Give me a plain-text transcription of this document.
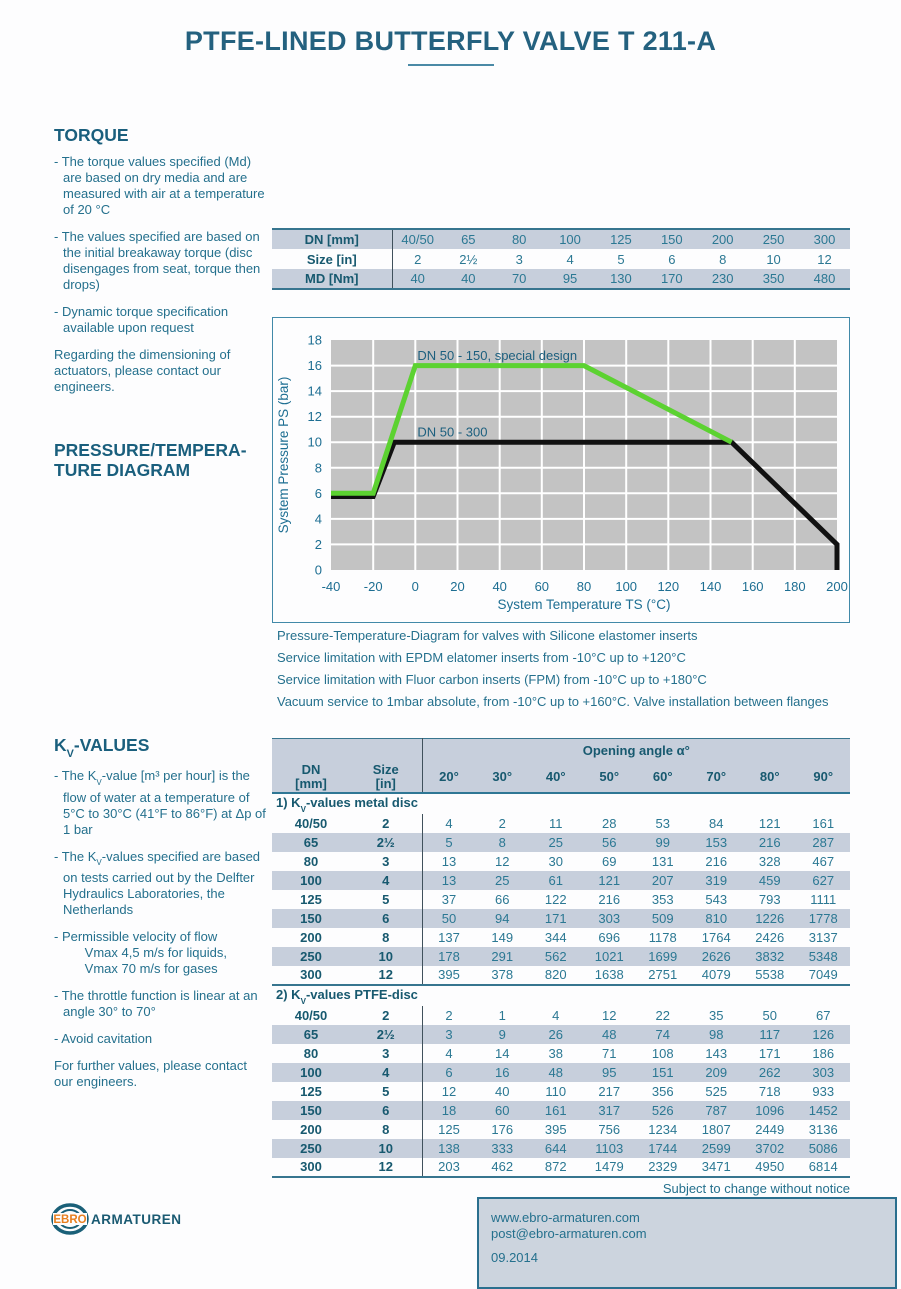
PTFE-LINED BUTTERFLY VALVE T 211-A
TORQUE
- The torque values specified (Md) are based on dry media and are measured with air at a temperature of 20 °C
- The values specified are based on the initial breakaway torque (disc disengages from seat, torque then drops)
- Dynamic torque specification available upon request

Regarding the dimensioning of actuators, please contact our engineers.

PRESSURE/TEMPERA-
TURE DIAGRAM
$K_V$-VALUES
- The $K_V$-value [m³ per hour] is the flow of water at a temperature of 5°C to 30°C (41°F to 86°F) at Δp of 1 bar
- The $K_V$-values specified are based on tests carried out by the Delfter Hydraulics Laboratories, the Netherlands
- Permissible velocity of flow
Vmax 4,5 m/s for liquids,
Vmax 70 m/s for gases
- The throttle function is linear at an angle 30° to 70°
- Avoid cavitation

For further values, please contact our engineers.

DN [mm]	40/50	65	80	100	125	150	200	250	300
Size [in]	2	2½	3	4	5	6	8	10	12
MD [Nm]	40	40	70	95	130	170	230	350	480
-40 -20 0 20 40 60 80 100 120 140 160 180 200
0
2
4
6
8
10
12
14
16
18
System Temperature TS (°C)
System Pressure PS (bar)
DN 50 - 150, special design
DN 50 - 300
Pressure-Temperature-Diagram for valves with Silicone elastomer inserts
Service limitation with EPDM elatomer inserts from -10°C up to +120°C
Service limitation with Fluor carbon inserts (FPM) from -10°C up to +180°C
Vacuum service to 1mbar absolute, from -10°C up to +160°C. Valve installation between flanges
		Opening angle α°							
DN
[mm]	Size
[in]	20°	30°	40°	50°	60°	70°	80°	90°
1) $K_V$-values metal disc									
40/50	2	4	2	11	28	53	84	121	161
65	2½	5	8	25	56	99	153	216	287
80	3	13	12	30	69	131	216	328	467
100	4	13	25	61	121	207	319	459	627
125	5	37	66	122	216	353	543	793	1111
150	6	50	94	171	303	509	810	1226	1778
200	8	137	149	344	696	1178	1764	2426	3137
250	10	178	291	562	1021	1699	2626	3832	5348
300	12	395	378	820	1638	2751	4079	5538	7049
2) $K_V$-values PTFE-disc									
40/50	2	2	1	4	12	22	35	50	67
65	2½	3	9	26	48	74	98	117	126
80	3	4	14	38	71	108	143	171	186
100	4	6	16	48	95	151	209	262	303
125	5	12	40	110	217	356	525	718	933
150	6	18	60	161	317	526	787	1096	1452
200	8	125	176	395	756	1234	1807	2449	3136
250	10	138	333	644	1103	1744	2599	3702	5086
300	12	203	462	872	1479	2329	3471	4950	6814
Subject to change without notice
EBRO ARMATUREN	www.ebro-armaturen.com

post@ebro-armaturen.com

09.2014
